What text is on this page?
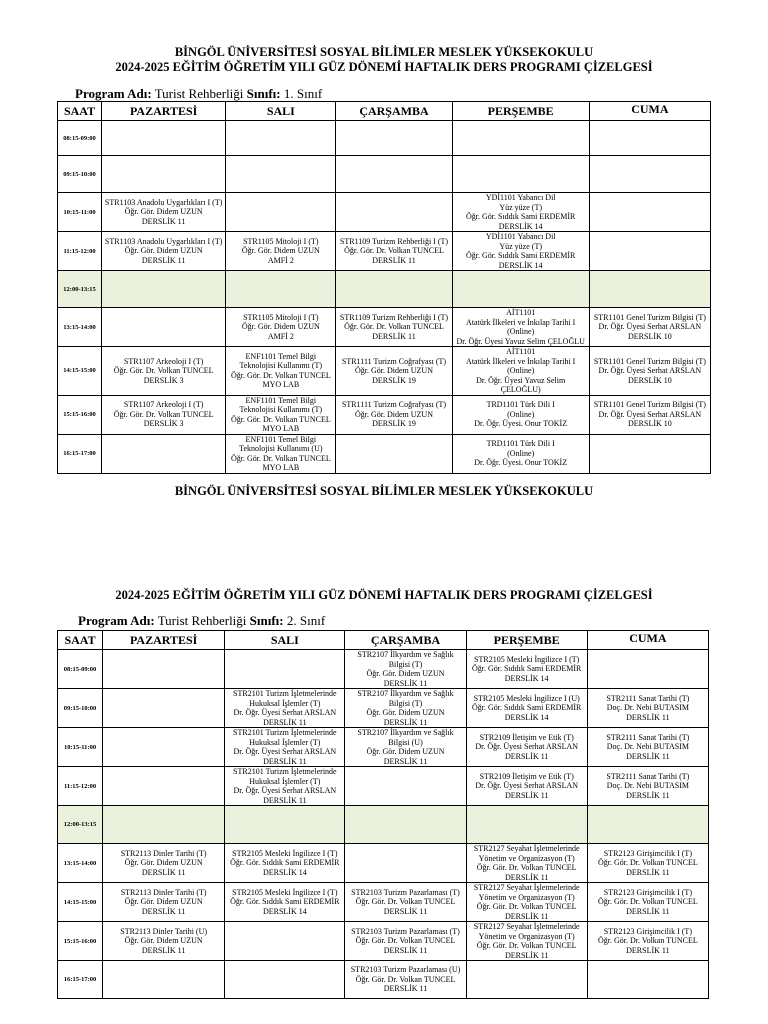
BİNGÖL ÜNİVERSİTESİ SOSYAL BİLİMLER MESLEK YÜKSEKOKULU
2024-2025 EĞİTİM ÖĞRETİM YILI GÜZ DÖNEMİ HAFTALIK DERS PROGRAMI ÇİZELGESİ
Program Adı: Turist Rehberliği Sınıfı: 1. Sınıf
SAAT	PAZARTESİ	SALI	ÇARŞAMBA	PERŞEMBE	CUMA
08:15-09:00					
09:15-10:00					
10:15-11:00	STR1103 Anadolu Uygarlıkları I (T)
Öğr. Gör. Didem UZUN
DERSLİK 11			YDİ1101 Yabancı Dil
Yüz yüze (T)
Öğr. Gör. Sıddık Sami ERDEMİR
DERSLİK 14	

11:15-12:00	STR1103 Anadolu Uygarlıkları I (T)
Öğr. Gör. Didem UZUN
DERSLİK 11	STR1105 Mitoloji I (T)
Öğr. Gör. Didem UZUN
AMFİ 2	STR1109 Turizm Rehberliği I (T)
Öğr. Gör. Dr. Volkan TUNCEL
DERSLİK 11	YDİ1101 Yabancı Dil
Yüz yüze (T)
Öğr. Gör. Sıddık Sami ERDEMİR
DERSLİK 14	

12:00-13:15					
13:15-14:00		STR1105 Mitoloji I (T)
Öğr. Gör. Didem UZUN
AMFİ 2	STR1109 Turizm Rehberliği I (T)
Öğr. Gör. Dr. Volkan TUNCEL
DERSLİK 11	AİT1101
Atatürk İlkeleri ve İnkılap Tarihi I
(Online)
Dr. Öğr. Üyesi Yavuz Selim ÇELOĞLU	STR1101 Genel Turizm Bilgisi (T)
Dr. Öğr. Üyesi Serhat ARSLAN
DERSLİK 10

14:15-15:00	STR1107 Arkeoloji I (T)
Öğr. Gör. Dr. Volkan TUNCEL
DERSLİK 3	ENF1101 Temel Bilgi
Teknolojisi Kullanımı (T)
Öğr. Gör. Dr. Volkan TUNCEL
MYO LAB	STR1111 Turizm Coğrafyası (T)
Öğr. Gör. Didem UZUN
DERSLİK 19	AİT1101
Atatürk İlkeleri ve İnkılap Tarihi I
(Online)
Dr. Öğr. Üyesi Yavuz Selim
ÇELOĞLU)	STR1101 Genel Turizm Bilgisi (T)
Dr. Öğr. Üyesi Serhat ARSLAN
DERSLİK 10

15:15-16:00	STR1107 Arkeoloji I (T)
Öğr. Gör. Dr. Volkan TUNCEL
DERSLİK 3	ENF1101 Temel Bilgi
Teknolojisi Kullanımı (T)
Öğr. Gör. Dr. Volkan TUNCEL
MYO LAB	STR1111 Turizm Coğrafyası (T)
Öğr. Gör. Didem UZUN
DERSLİK 19	TRD1101 Türk Dili I
(Online)
Dr. Öğr. Üyesi. Onur TOKİZ	STR1101 Genel Turizm Bilgisi (T)
Dr. Öğr. Üyesi Serhat ARSLAN
DERSLİK 10

16:15-17:00		ENF1101 Temel Bilgi
Teknolojisi Kullanımı (U)
Öğr. Gör. Dr. Volkan TUNCEL
MYO LAB		TRD1101 Türk Dili I
(Online)
Dr. Öğr. Üyesi. Onur TOKİZ	

BİNGÖL ÜNİVERSİTESİ SOSYAL BİLİMLER MESLEK YÜKSEKOKULU
2024-2025 EĞİTİM ÖĞRETİM YILI GÜZ DÖNEMİ HAFTALIK DERS PROGRAMI ÇİZELGESİ
Program Adı: Turist Rehberliği Sınıfı: 2. Sınıf
SAAT	PAZARTESİ	SALI	ÇARŞAMBA	PERŞEMBE	CUMA
08:15-09:00			STR2107 İlkyardım ve Sağlık
Bilgisi (T)
Öğr. Gör. Didem UZUN
DERSLİK 11	STR2105 Mesleki İngilizce I (T)
Öğr. Gör. Sıddık Sami ERDEMİR
DERSLİK 14	

09:15-10:00		STR2101 Turizm İşletmelerinde
Hukuksal İşlemler (T)
Dr. Öğr. Üyesi Serhat ARSLAN
DERSLİK 11	STR2107 İlkyardım ve Sağlık
Bilgisi (T)
Öğr. Gör. Didem UZUN
DERSLİK 11	STR2105 Mesleki İngilizce I (U)
Öğr. Gör. Sıddık Sami ERDEMİR
DERSLİK 14	STR2111 Sanat Tarihi (T)
Doç. Dr. Nebi BUTASIM
DERSLİK 11

10:15-11:00		STR2101 Turizm İşletmelerinde
Hukuksal İşlemler (T)
Dr. Öğr. Üyesi Serhat ARSLAN
DERSLİK 11	STR2107 İlkyardım ve Sağlık
Bilgisi (U)
Öğr. Gör. Didem UZUN
DERSLİK 11	STR2109 İletişim ve Etik (T)
Dr. Öğr. Üyesi Serhat ARSLAN
DERSLİK 11	STR2111 Sanat Tarihi (T)
Doç. Dr. Nebi BUTASIM
DERSLİK 11

11:15-12:00		STR2101 Turizm İşletmelerinde
Hukuksal İşlemler (T)
Dr. Öğr. Üyesi Serhat ARSLAN
DERSLİK 11		STR2109 İletişim ve Etik (T)
Dr. Öğr. Üyesi Serhat ARSLAN
DERSLİK 11	STR2111 Sanat Tarihi (T)
Doç. Dr. Nebi BUTASIM
DERSLİK 11

12:00-13:15					
13:15-14:00	STR2113 Dinler Tarihi (T)
Öğr. Gör. Didem UZUN
DERSLİK 11	STR2105 Mesleki İngilizce I (T)
Öğr. Gör. Sıddık Sami ERDEMİR
DERSLİK 14		STR2127 Seyahat İşletmelerinde
Yönetim ve Organizasyon (T)
Öğr. Gör. Dr. Volkan TUNCEL
DERSLİK 11	STR2123 Girişimcilik I (T)
Öğr. Gör. Dr. Volkan TUNCEL
DERSLİK 11

14:15-15:00	STR2113 Dinler Tarihi (T)
Öğr. Gör. Didem UZUN
DERSLİK 11	STR2105 Mesleki İngilizce I (T)
Öğr. Gör. Sıddık Sami ERDEMİR
DERSLİK 14	STR2103 Turizm Pazarlaması (T)
Öğr. Gör. Dr. Volkan TUNCEL
DERSLİK 11	STR2127 Seyahat İşletmelerinde
Yönetim ve Organizasyon (T)
Öğr. Gör. Dr. Volkan TUNCEL
DERSLİK 11	STR2123 Girişimcilik I (T)
Öğr. Gör. Dr. Volkan TUNCEL
DERSLİK 11

15:15-16:00	STR2113 Dinler Tarihi (U)
Öğr. Gör. Didem UZUN
DERSLİK 11		STR2103 Turizm Pazarlaması (T)
Öğr. Gör. Dr. Volkan TUNCEL
DERSLİK 11	STR2127 Seyahat İşletmelerinde
Yönetim ve Organizasyon (T)
Öğr. Gör. Dr. Volkan TUNCEL
DERSLİK 11	STR2123 Girişimcilik I (T)
Öğr. Gör. Dr. Volkan TUNCEL
DERSLİK 11

16:15-17:00			STR2103 Turizm Pazarlaması (U)
Öğr. Gör. Dr. Volkan TUNCEL
DERSLİK 11		
